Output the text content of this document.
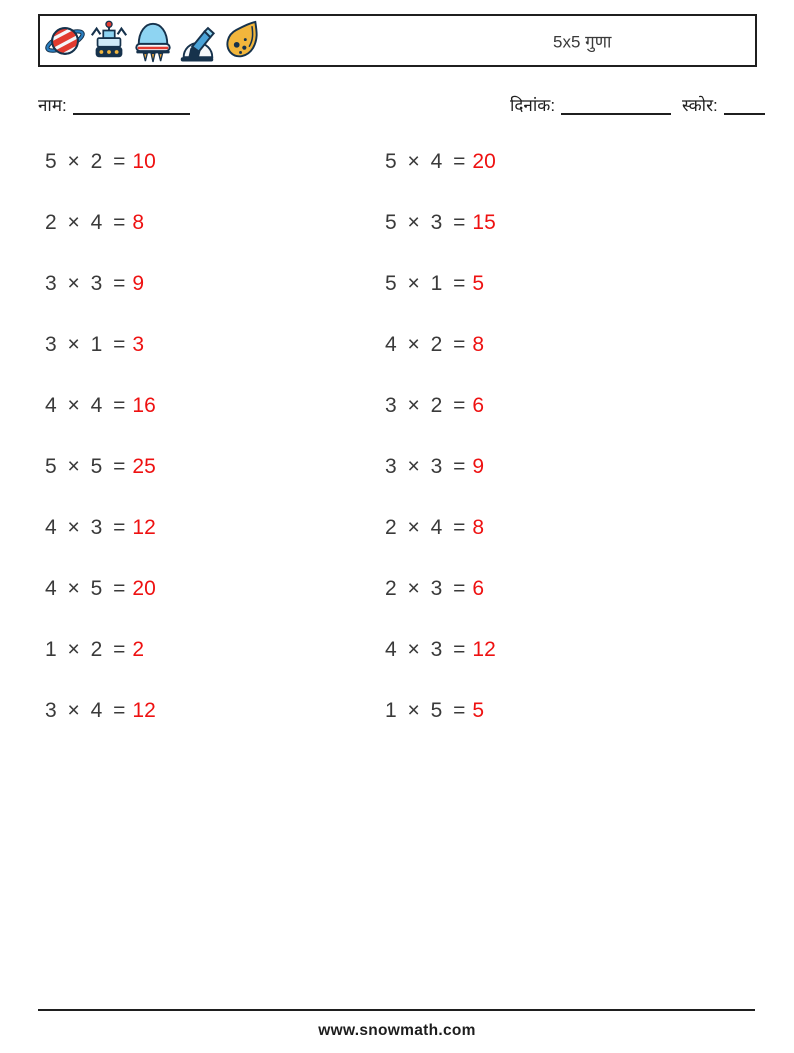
5x5 गुणा
नाम:	दिनांक:	स्कोर:
5 × 2 = 10	5 × 4 = 20
2 × 4 = 8	5 × 3 = 15
3 × 3 = 9	5 × 1 = 5
3 × 1 = 3	4 × 2 = 8
4 × 4 = 16	3 × 2 = 6
5 × 5 = 25	3 × 3 = 9
4 × 3 = 12	2 × 4 = 8
4 × 5 = 20	2 × 3 = 6
1 × 2 = 2	4 × 3 = 12
3 × 4 = 12	1 × 5 = 5
www.snowmath.com
